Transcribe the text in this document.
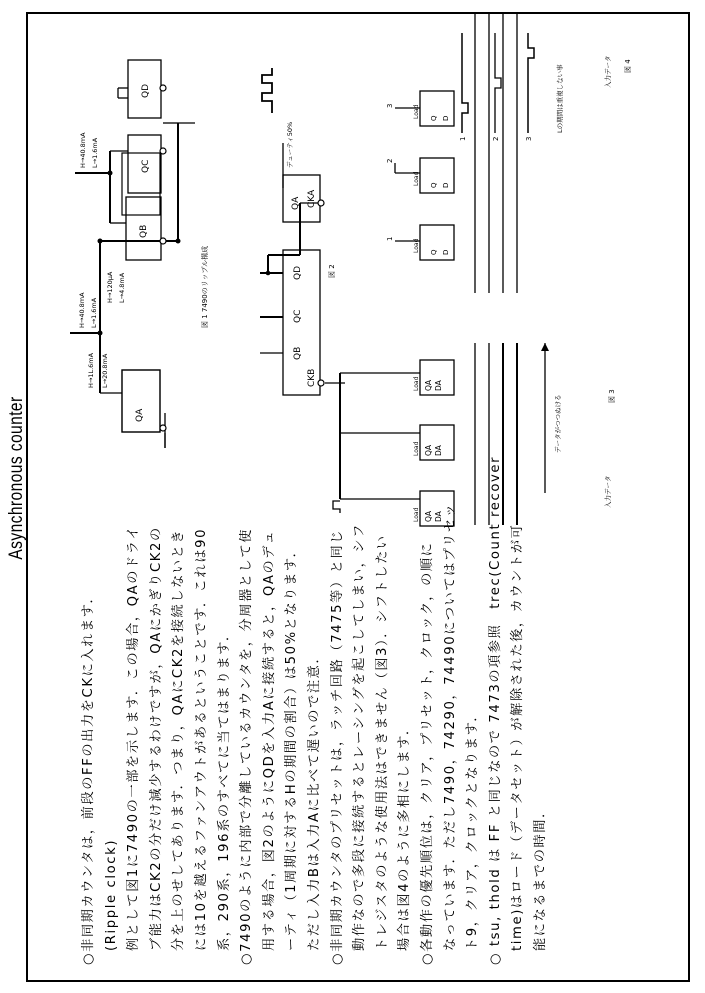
Asynchronous counter
○非同期カウンタは，前段のFFの出力をCKに入れます． (Ripple clock) 例として図1に7490の一部を示します．この場合，QAのドライ ブ能力はCK2の分だけ減少するわけですが，QAにかぎりCK2の 分を上のせしてあります．つまり，QAにCK2を接続しないとき には10を越えるファンアウトがあるということです．これは90 系，290系，196系のすべてに当てはまります． ○7490のように内部で分離しているカウンタを，分周器として使 用する場合，図2のようにQDを入力Aに接続すると，QAのデュ ーティ（1周期に対するHの期間の割合）は50%となります． ただし入力Bは入力Aに比べて遅いので注意． ○非同期カウンタのプリセットは，ラッチ回路（7475等）と同じ 動作なので多段に接続するとレーシングを起こしてしまい，シフ トレジスタのような使用法はできません（図3）．シフトしたい 場合は図4のように多相にします． ○各動作の優先順位は，クリア，プリセット，クロック，の順に なっています．ただし7490，74290，74490についてはプリセッ ト9，クリア，クロックとなります． ○ tsu, thold は FF と同じなので 7473の項参照　trec(Count recover time)はロード（データセット）が解除された後，カウントが可 能になるまでの時間．
QA
QB
QC
QD
H→1L.6mA L→20.8mA
H→40.8mA L→1.6mA
H→120μA L→4.8mA
H→40.8mA L→1.6mA
図 1 7490のリップル構成
QB
QC
QD
CKB
QA CKA
デューティ50%
図 2
QA DA
QA DA
QA DA
Load
Load
Load
入力データ
データがつつぬける	図 3
Q D
Q D
Q D
Load
Load
Load
1
2
3
1	2	3
入力データ
Lの期間は重複しない事	図 4
